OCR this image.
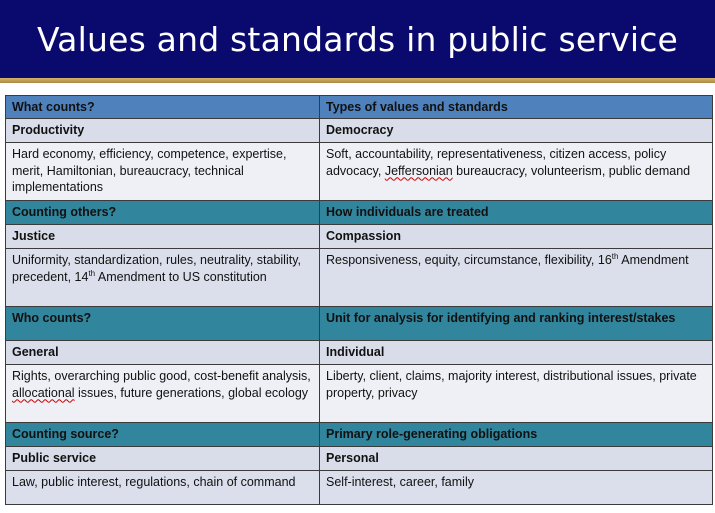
Values and standards in public service
What counts?	Types of values and standards
Productivity	Democracy
Hard economy, efficiency, competence, expertise, merit, Hamiltonian, bureaucracy, technical implementations	Soft, accountability, representativeness, citizen access, policy advocacy, Jeffersonian bureaucracy, volunteerism, public demand
Counting others?	How individuals are treated
Justice	Compassion
Uniformity, standardization, rules, neutrality, stability, precedent, 14th Amendment to US constitution	Responsiveness, equity, circumstance, flexibility, 16th Amendment
Who counts?	Unit for analysis for identifying and ranking interest/stakes
General	Individual
Rights, overarching public good, cost-benefit analysis, allocational issues, future generations, global ecology	Liberty, client, claims, majority interest, distributional issues, private property, privacy
Counting source?	Primary role-generating obligations
Public service	Personal
Law, public interest, regulations, chain of command	Self-interest, career, family
